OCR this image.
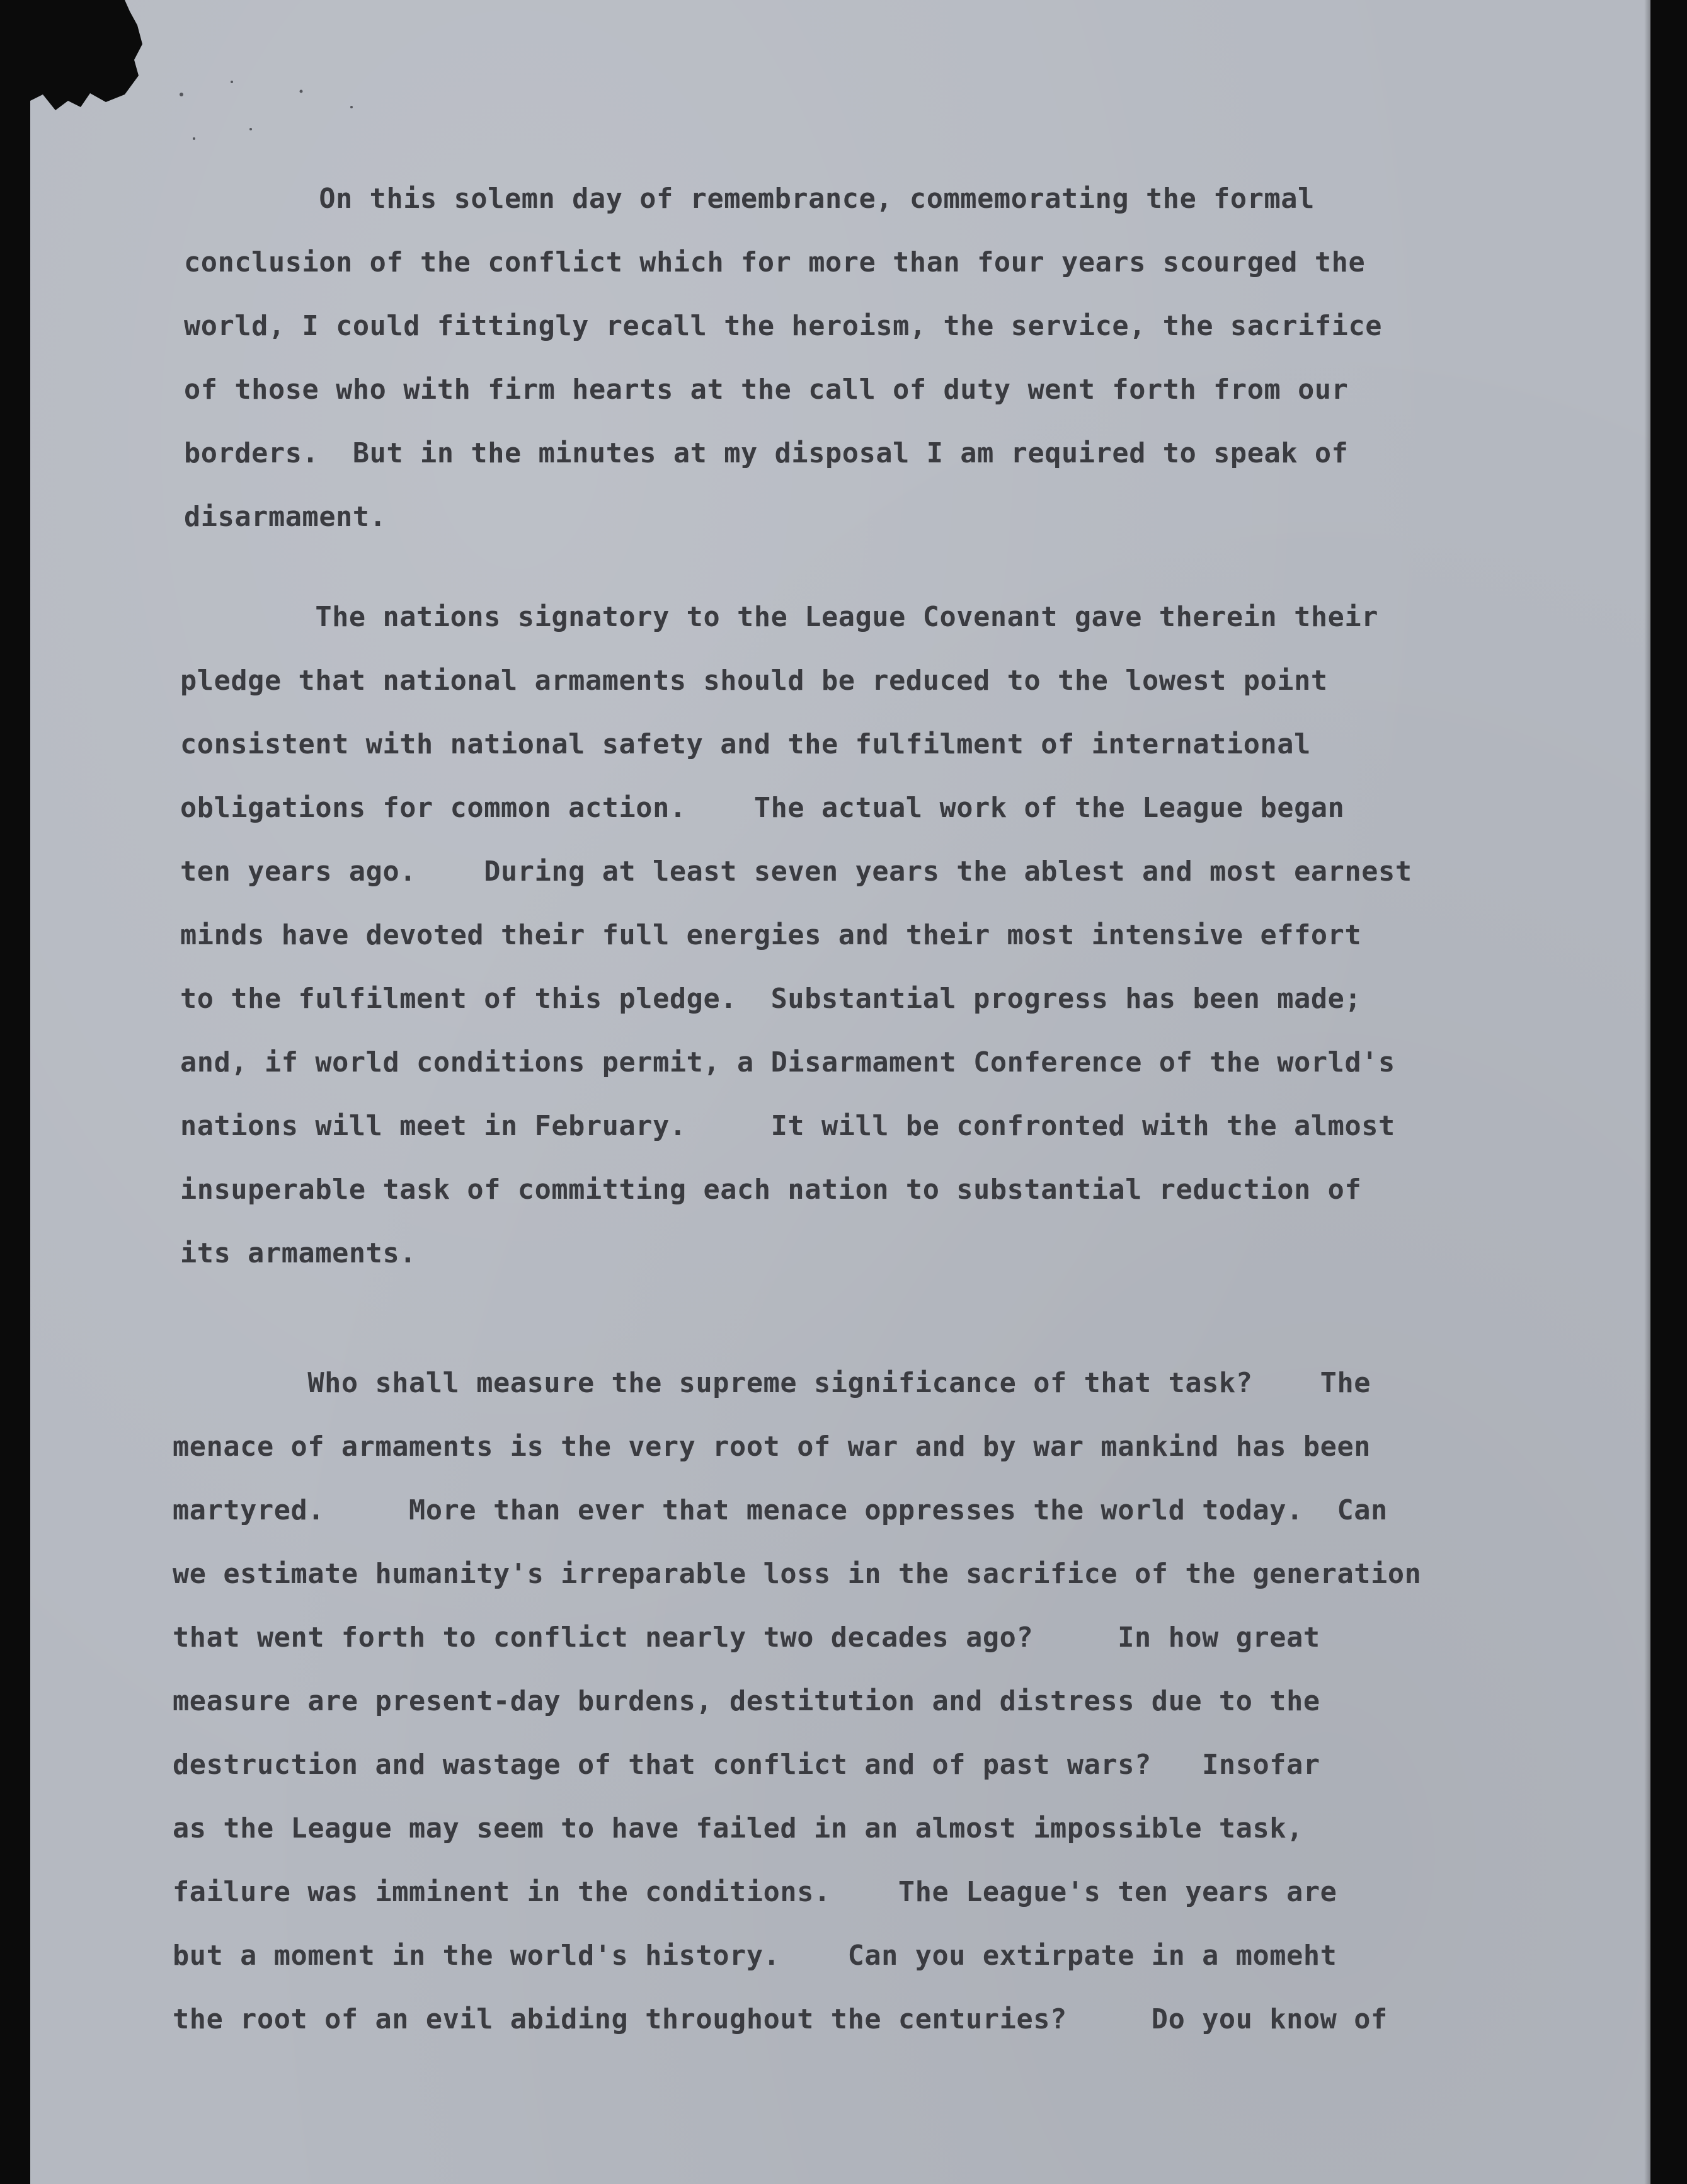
On this solemn day of remembrance, commemorating the formal
conclusion of the conflict which for more than four years scourged the
world, I could fittingly recall the heroism, the service, the sacrifice
of those who with firm hearts at the call of duty went forth from our
borders.  But in the minutes at my disposal I am required to speak of
disarmament.

The nations signatory to the League Covenant gave therein their
pledge that national armaments should be reduced to the lowest point
consistent with national safety and the fulfilment of international
obligations for common action.    The actual work of the League began
ten years ago.    During at least seven years the ablest and most earnest
minds have devoted their full energies and their most intensive effort
to the fulfilment of this pledge.  Substantial progress has been made;
and, if world conditions permit, a Disarmament Conference of the world's
nations will meet in February.     It will be confronted with the almost
insuperable task of committing each nation to substantial reduction of
its armaments.

Who shall measure the supreme significance of that task?    The
menace of armaments is the very root of war and by war mankind has been
martyred.     More than ever that menace oppresses the world today.  Can
we estimate humanity's irreparable loss in the sacrifice of the generation
that went forth to conflict nearly two decades ago?     In how great
measure are present-day burdens, destitution and distress due to the
destruction and wastage of that conflict and of past wars?   Insofar
as the League may seem to have failed in an almost impossible task,
failure was imminent in the conditions.    The League's ten years are
but a moment in the world's history.    Can you extirpate in a momeht
the root of an evil abiding throughout the centuries?     Do you know of
